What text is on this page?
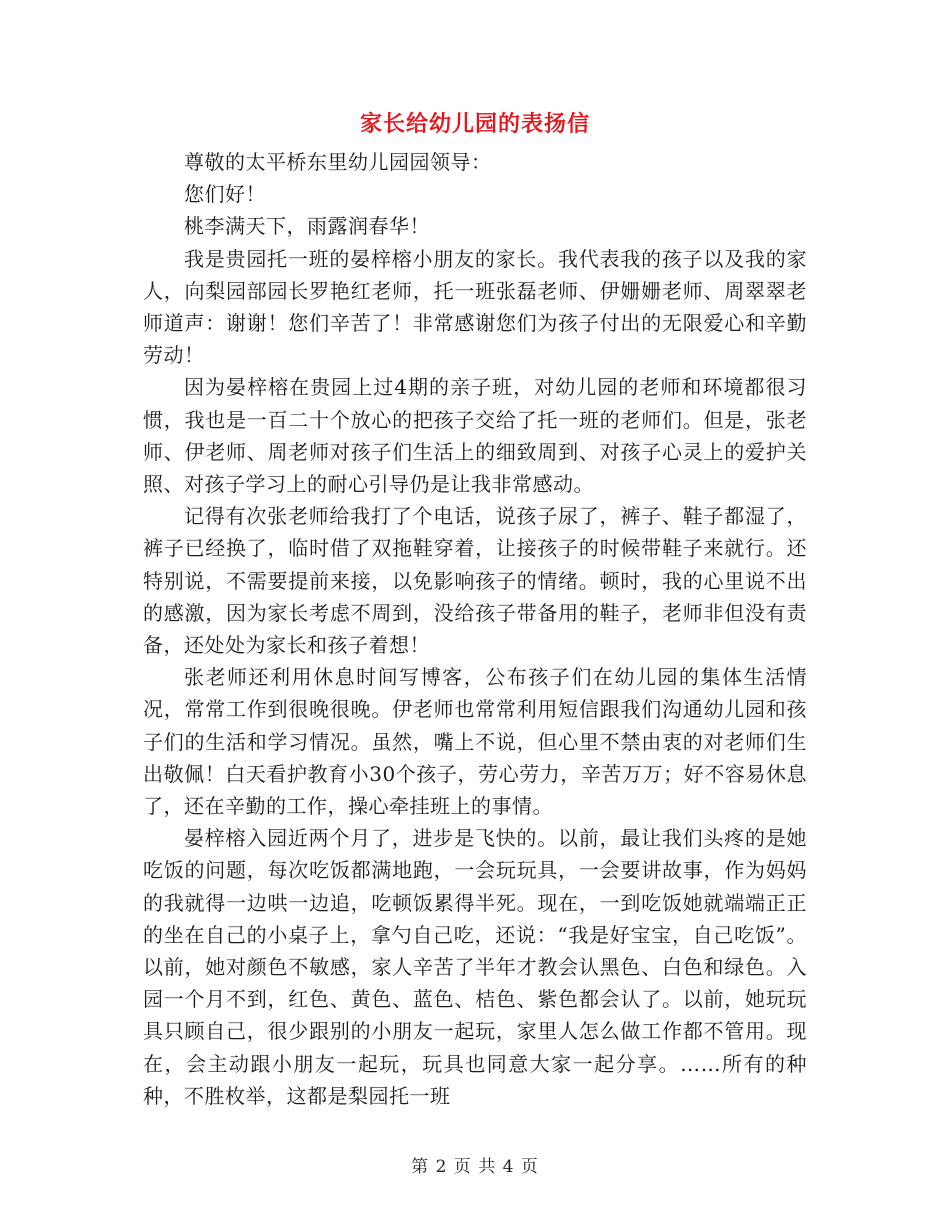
家长给幼儿园的表扬信

尊敬的太平桥东里幼儿园园领导：

您们好！

桃李满天下，雨露润春华！

我是贵园托一班的晏梓榕小朋友的家长。我代表我的孩子以及我的家人，向梨园部园长罗艳红老师，托一班张磊老师、伊姗姗老师、周翠翠老师道声：谢谢！您们辛苦了！非常感谢您们为孩子付出的无限爱心和辛勤劳动！

因为晏梓榕在贵园上过4期的亲子班，对幼儿园的老师和环境都很习惯，我也是一百二十个放心的把孩子交给了托一班的老师们。但是，张老师、伊老师、周老师对孩子们生活上的细致周到、对孩子心灵上的爱护关照、对孩子学习上的耐心引导仍是让我非常感动。

记得有次张老师给我打了个电话，说孩子尿了，裤子、鞋子都湿了，裤子已经换了，临时借了双拖鞋穿着，让接孩子的时候带鞋子来就行。还特别说，不需要提前来接，以免影响孩子的情绪。顿时，我的心里说不出的感激，因为家长考虑不周到，没给孩子带备用的鞋子，老师非但没有责备，还处处为家长和孩子着想！

张老师还利用休息时间写博客，公布孩子们在幼儿园的集体生活情况，常常工作到很晚很晚。伊老师也常常利用短信跟我们沟通幼儿园和孩子们的生活和学习情况。虽然，嘴上不说，但心里不禁由衷的对老师们生出敬佩！白天看护教育小30个孩子，劳心劳力，辛苦万万；好不容易休息了，还在辛勤的工作，操心牵挂班上的事情。

晏梓榕入园近两个月了，进步是飞快的。以前，最让我们头疼的是她吃饭的问题，每次吃饭都满地跑，一会玩玩具，一会要讲故事，作为妈妈的我就得一边哄一边追，吃顿饭累得半死。现在，一到吃饭她就端端正正的坐在自己的小桌子上，拿勺自己吃，还说：“我是好宝宝，自己吃饭”。以前，她对颜色不敏感，家人辛苦了半年才教会认黑色、白色和绿色。入园一个月不到，红色、黄色、蓝色、桔色、紫色都会认了。以前，她玩玩具只顾自己，很少跟别的小朋友一起玩，家里人怎么做工作都不管用。现在，会主动跟小朋友一起玩，玩具也同意大家一起分享。……所有的种种，不胜枚举，这都是梨园托一班

第 2 页 共 4 页
